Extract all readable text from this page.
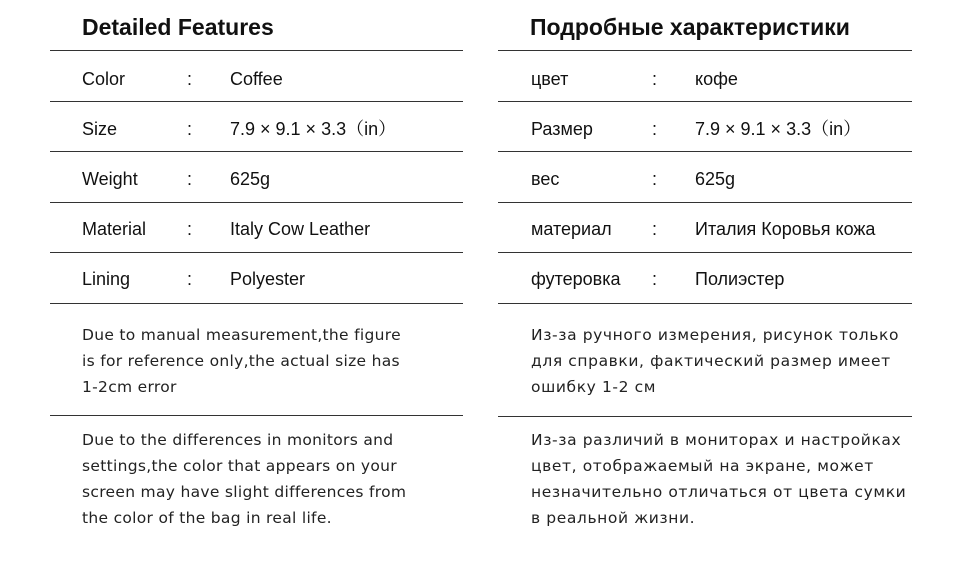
Detailed Features
Color	: Coffee
Size	: 7.9 × 9.1 × 3.3（in）
Weight	: 625g
Material : Italy Cow Leather
Lining	: Polyester

Due to manual measurement,the figure
is for reference only,the actual size has
1-2cm error

Due to the differences in monitors and
settings,the color that appears on your
screen may have slight differences from
the color of the bag in real life.

Подробные характеристики
цвет	: кофе
Размер	: 7.9 × 9.1 × 3.3（in）
вес	: 625g
материал : Италия Коровья кожа
футеровка : Полиэстер

Из-за ручного измерения, рисунок только
для справки, фактический размер имеет
ошибку 1-2 см

Из-за различий в мониторах и настройках
цвет, отображаемый на экране, может
незначительно отличаться от цвета сумки
в реальной жизни.
